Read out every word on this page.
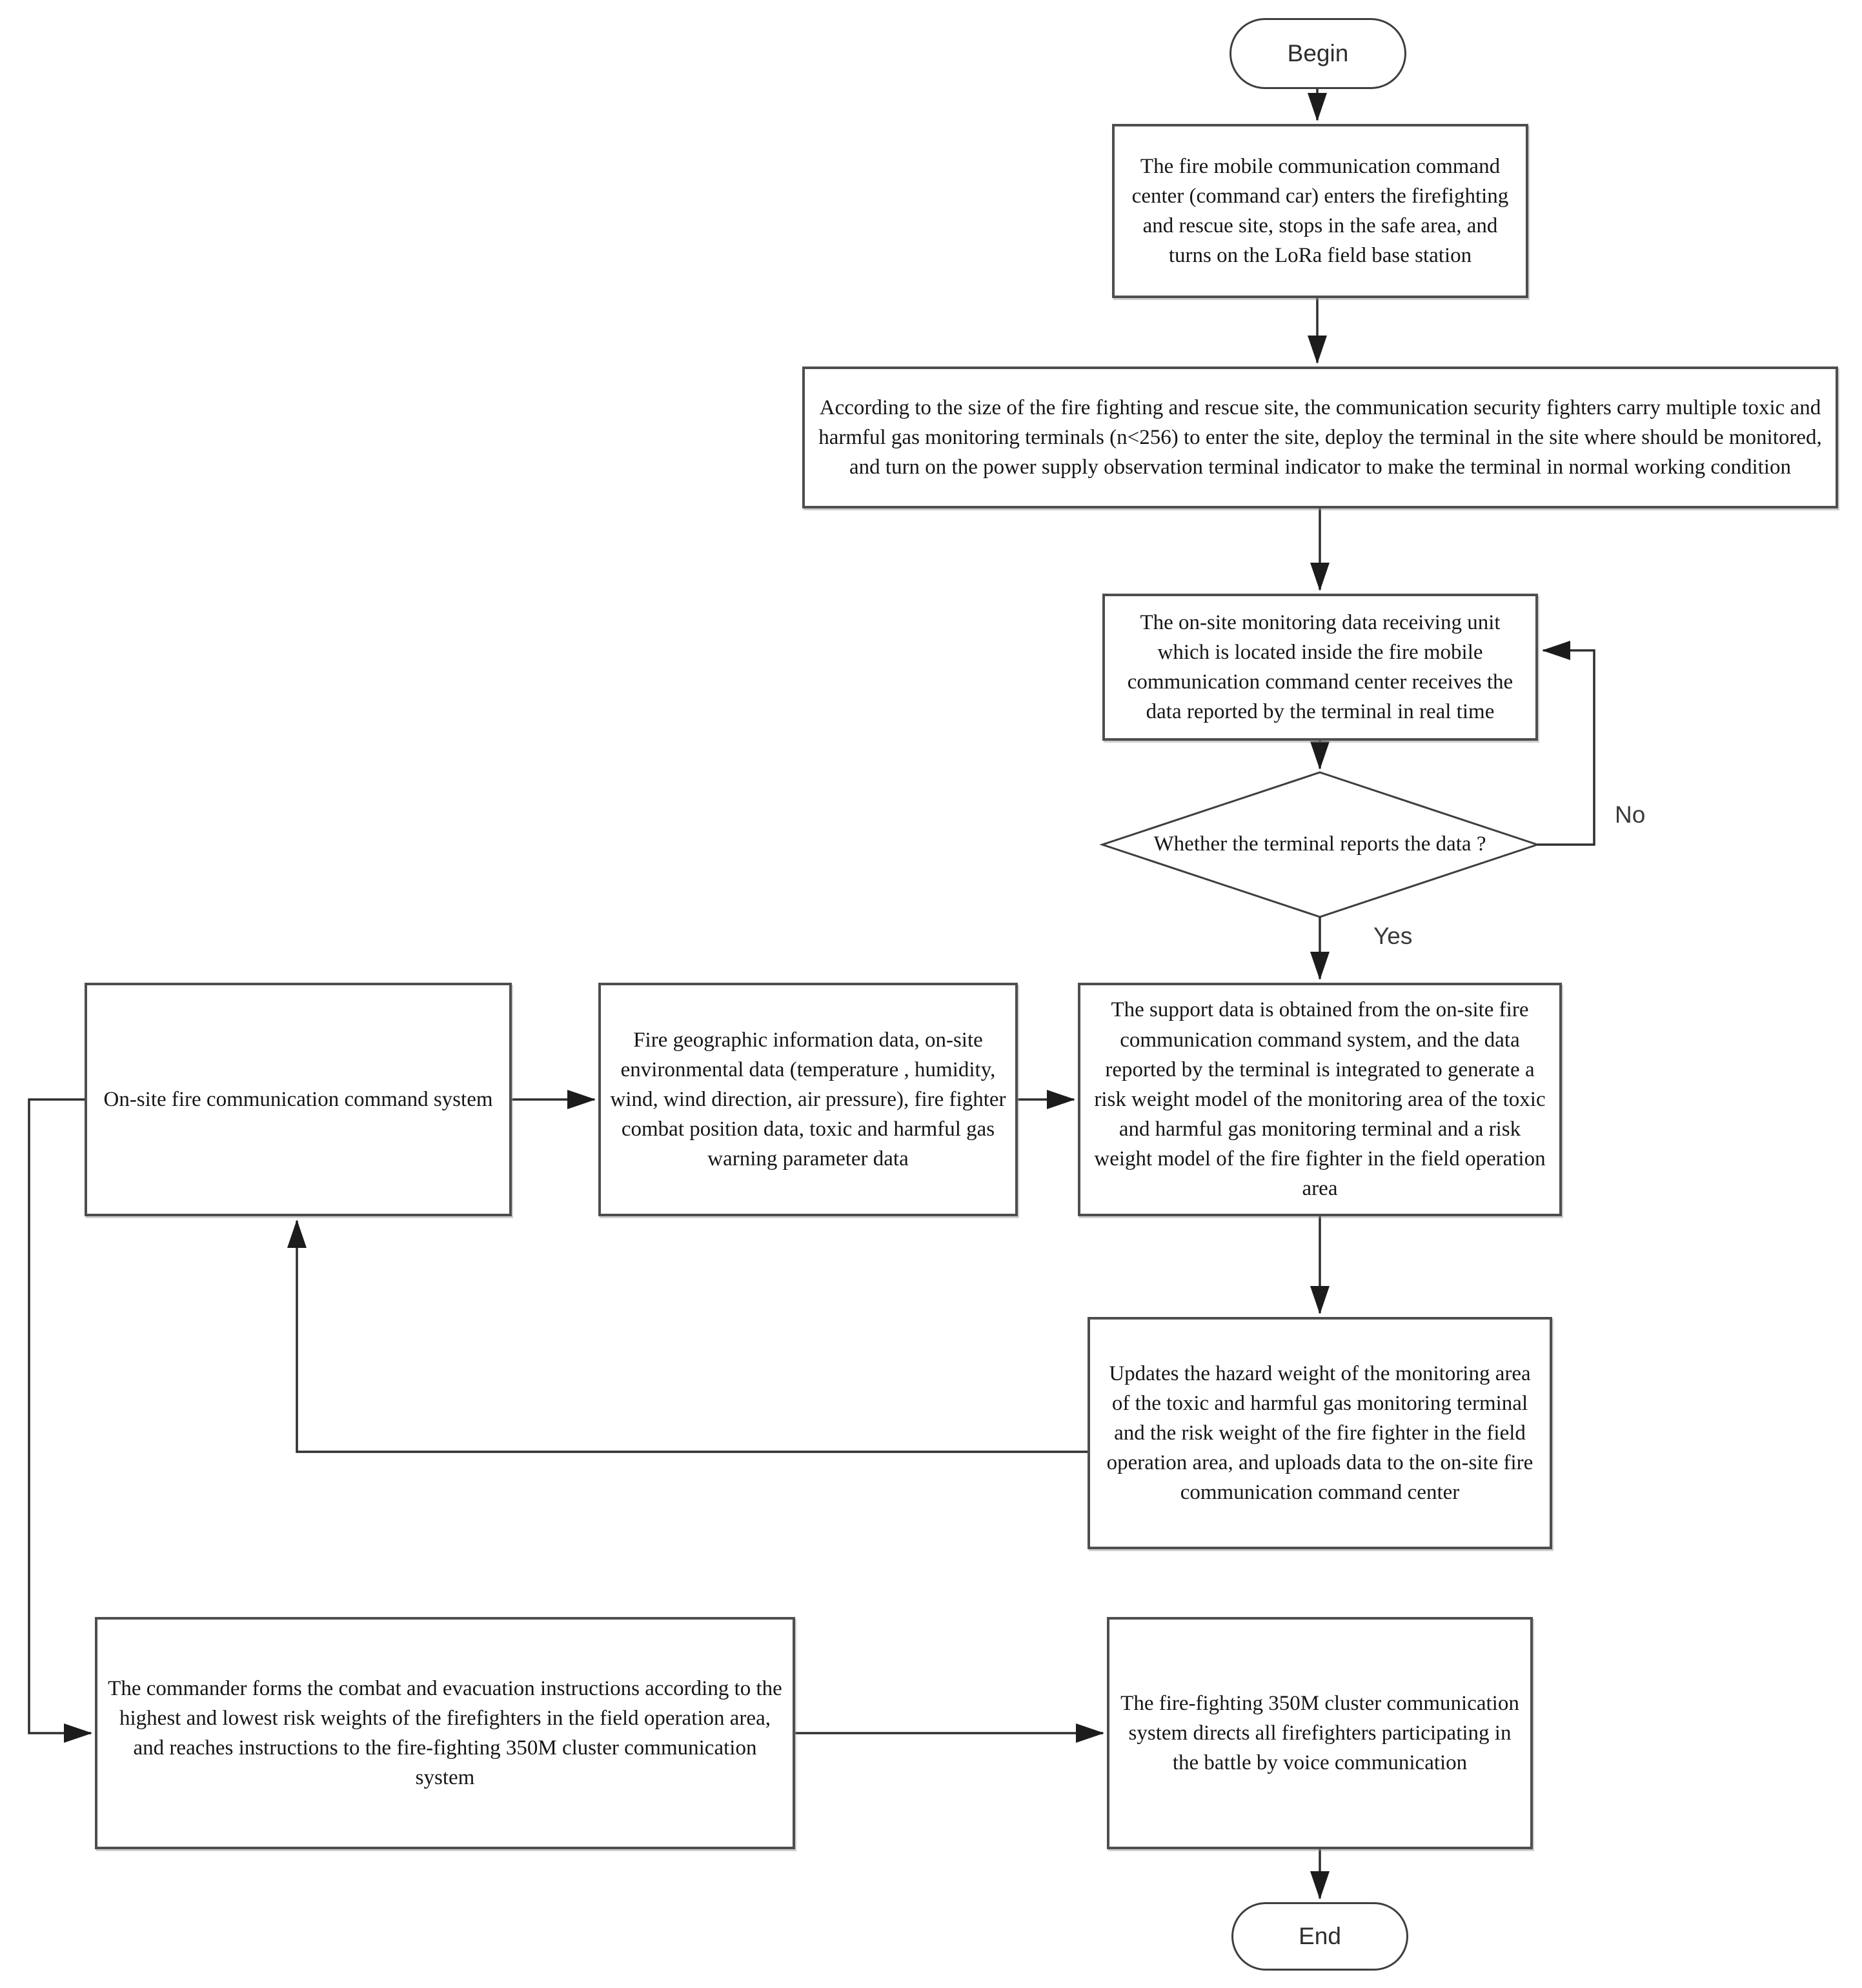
Begin
The fire mobile communication command center (command car) enters the firefighting and rescue site, stops in the safe area, and turns on the LoRa field base station
According to the size of the fire fighting and rescue site, the communication security fighters carry multiple toxic and harmful gas monitoring terminals (n<256) to enter the site, deploy the terminal in the site where should be monitored, and turn on the power supply observation terminal indicator to make the terminal in normal working condition
The on-site monitoring data receiving unit which is located inside the fire mobile communication command center receives the data reported by the terminal in real time
Whether the terminal reports the data ?
No
Yes
The support data is obtained from the on-site fire communication command system, and the data reported by the terminal is integrated to generate a risk weight model of the monitoring area of the toxic and harmful gas monitoring terminal and a risk weight model of the fire fighter in the field operation area
On-site fire communication command system
Fire geographic information data, on-site environmental data (temperature , humidity, wind, wind direction, air pressure), fire fighter combat position data, toxic and harmful gas warning parameter data
Updates the hazard weight of the monitoring area of the toxic and harmful gas monitoring terminal and the risk weight of the fire fighter in the field operation area, and uploads data to the on-site fire communication command center
The commander forms the combat and evacuation instructions according to the highest and lowest risk weights of the firefighters in the field operation area, and reaches instructions to the fire-fighting 350M cluster communication system
The fire-fighting 350M cluster communication system directs all firefighters participating in the battle by voice communication
End
